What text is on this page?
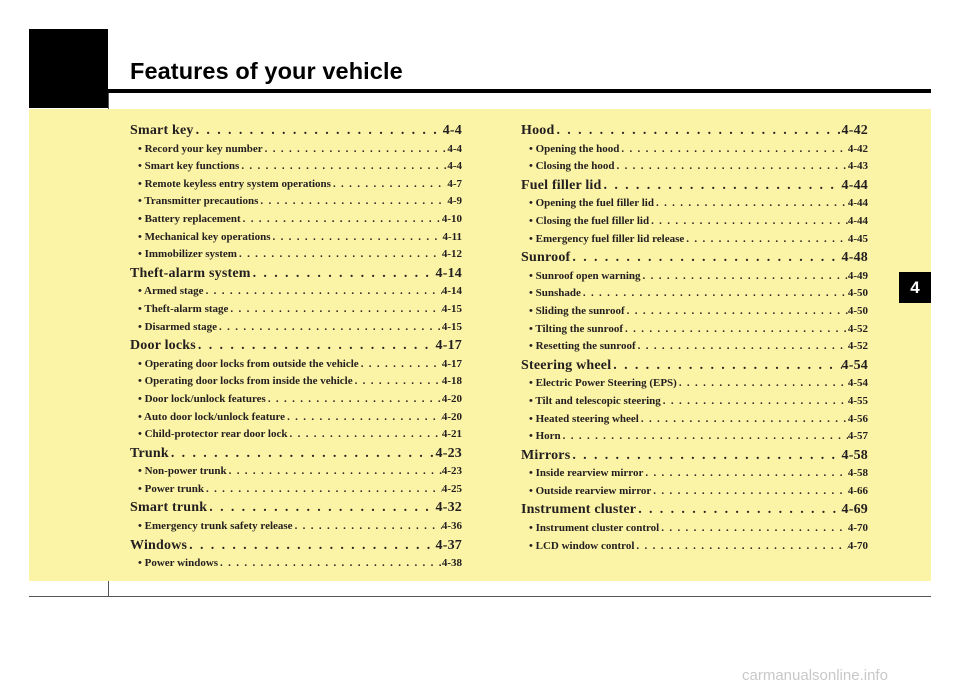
Features of your vehicle
4
Smart key . . .	4-4
• Record your key number . . .	4-4
• Smart key functions . . .	4-4
• Remote keyless entry system operations . . .	4-7
• Transmitter precautions . . .	4-9
• Battery replacement . . .	4-10
• Mechanical key operations . . .	4-11
• Immobilizer system . . .	4-12
Theft-alarm system . . .	4-14
• Armed stage . . .	4-14
• Theft-alarm stage . . .	4-15
• Disarmed stage . . .	4-15
Door locks . . .	4-17
• Operating door locks from outside the vehicle . . .	4-17
• Operating door locks from inside the vehicle . . .	4-18
• Door lock/unlock features . . .	4-20
• Auto door lock/unlock feature . . .	4-20
• Child-protector rear door lock . . .	4-21
Trunk . . .	4-23
• Non-power trunk . . .	4-23
• Power trunk . . .	4-25
Smart trunk . . .	4-32
• Emergency trunk safety release . . .	4-36
Windows . . .	4-37
• Power windows . . .	4-38
Hood . . .	4-42
• Opening the hood . . .	4-42
• Closing the hood . . .	4-43
Fuel filler lid . . .	4-44
• Opening the fuel filler lid . . .	4-44
• Closing the fuel filler lid . . .	4-44
• Emergency fuel filler lid release . . .	4-45
Sunroof . . .	4-48
• Sunroof open warning . . .	4-49
• Sunshade . . .	4-50
• Sliding the sunroof . . .	4-50
• Tilting the sunroof . . .	4-52
• Resetting the sunroof . . .	4-52
Steering wheel . . .	4-54
• Electric Power Steering (EPS) . . .	4-54
• Tilt and telescopic steering . . .	4-55
• Heated steering wheel . . .	4-56
• Horn . . .	4-57
Mirrors . . .	4-58
• Inside rearview mirror . . .	4-58
• Outside rearview mirror . . .	4-66
Instrument cluster . . .	4-69
• Instrument cluster control . . .	4-70
• LCD window control . . .	4-70
carmanualsonline.info
